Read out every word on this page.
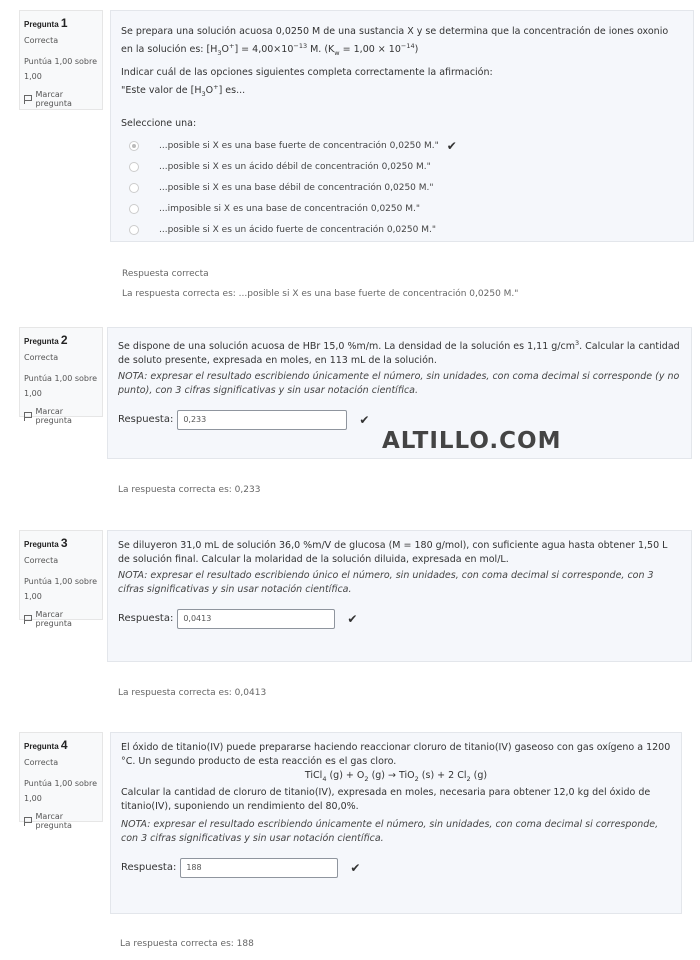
Pregunta 1
Correcta
Puntúa 1,00 sobre 1,00
Marcar pregunta

Se prepara una solución acuosa 0,0250 M de una sustancia X y se determina que la concentración de iones oxonio en la solución es: $[H_3O^+] = 4,00\times 10^{-13}$ M. $(K_w = 1,00 \times 10^{-14})$

Indicar cuál de las opciones siguientes completa correctamente la afirmación:

"Este valor de $[H_3O^+]$ es...

Seleccione una:

...posible si X es una base fuerte de concentración 0,0250 M." ✔
...posible si X es un ácido débil de concentración 0,0250 M."
...posible si X es una base débil de concentración 0,0250 M."
...imposible si X es una base de concentración 0,0250 M."
...posible si X es un ácido fuerte de concentración 0,0250 M."
Respuesta correcta
La respuesta correcta es: ...posible si X es una base fuerte de concentración 0,0250 M."
Pregunta 2
Correcta
Puntúa 1,00 sobre 1,00
Marcar pregunta

Se dispone de una solución acuosa de HBr 15,0 %m/m. La densidad de la solución es 1,11 $g/cm^3$. Calcular la cantidad de soluto presente, expresada en moles, en 113 mL de la solución.

NOTA: expresar el resultado escribiendo únicamente el número, sin unidades, con coma decimal si corresponde (y no punto), con 3 cifras significativas y sin usar notación científica.

Respuesta:	0,233	✔
ALTILLO.COM
La respuesta correcta es: 0,233
Pregunta 3
Correcta
Puntúa 1,00 sobre 1,00
Marcar pregunta

Se diluyeron 31,0 mL de solución 36,0 %m/V de glucosa (M = 180 g/mol), con suficiente agua hasta obtener 1,50 L de solución final. Calcular la molaridad de la solución diluida, expresada en mol/L.

NOTA: expresar el resultado escribiendo único el número, sin unidades, con coma decimal si corresponde, con 3 cifras significativas y sin usar notación científica.

Respuesta:	0,0413	✔
La respuesta correcta es: 0,0413
Pregunta 4
Correcta
Puntúa 1,00 sobre 1,00
Marcar pregunta

El óxido de titanio(IV) puede prepararse haciendo reaccionar cloruro de titanio(IV) gaseoso con gas oxígeno a 1200 °C. Un segundo producto de esta reacción es el gas cloro.

TiCl$_4$ $(g) + O_2$ (g) → TiO$_2$ (s) + 2 $Cl_2$ (g)

Calcular la cantidad de cloruro de titanio(IV), expresada en moles, necesaria para obtener 12,0 kg del óxido de titanio(IV), suponiendo un rendimiento del 80,0%.

NOTA: expresar el resultado escribiendo únicamente el número, sin unidades, con coma decimal si corresponde, con 3 cifras significativas y sin usar notación científica.

Respuesta:	188	✔
La respuesta correcta es: 188
